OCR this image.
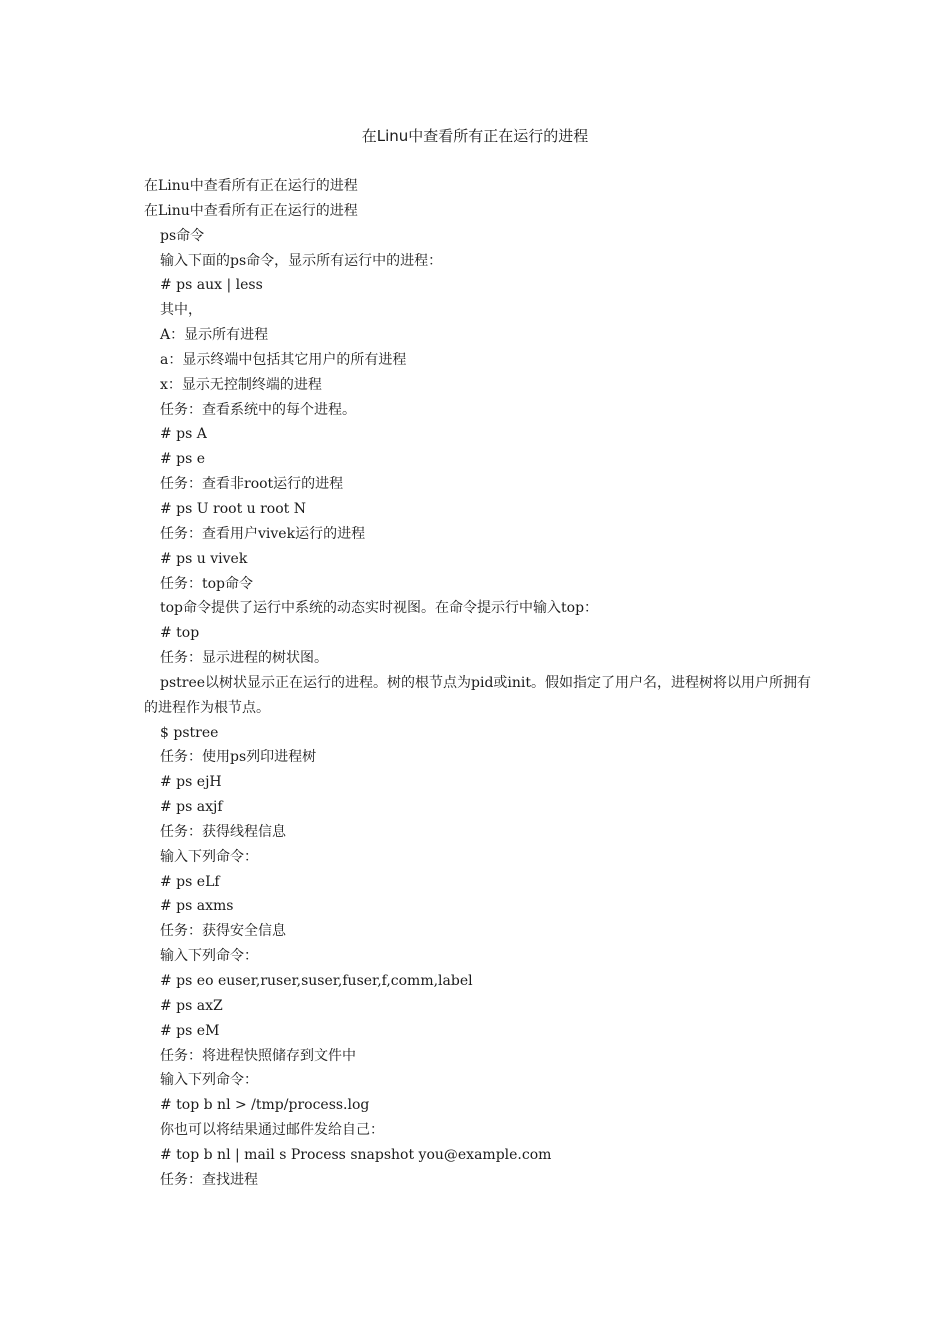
在Linu中查看所有正在运行的进程

在Linu中查看所有正在运行的进程

在Linu中查看所有正在运行的进程

ps命令

输入下面的ps命令，显示所有运行中的进程：

# ps aux | less

其中，

A：显示所有进程

a：显示终端中包括其它用户的所有进程

x：显示无控制终端的进程

任务：查看系统中的每个进程。

# ps A

# ps e

任务：查看非root运行的进程

# ps U root u root N

任务：查看用户vivek运行的进程

# ps u vivek

任务：top命令

top命令提供了运行中系统的动态实时视图。在命令提示行中输入top：

# top

任务：显示进程的树状图。

pstree以树状显示正在运行的进程。树的根节点为pid或init。假如指定了用户名，进程树将以用户所拥有的进程作为根节点。

$ pstree

任务：使用ps列印进程树

# ps ejH

# ps axjf

任务：获得线程信息

输入下列命令：

# ps eLf

# ps axms

任务：获得安全信息

输入下列命令：

# ps eo euser,ruser,suser,fuser,f,comm,label

# ps axZ

# ps eM

任务：将进程快照储存到文件中

输入下列命令：

# top b nl > /tmp/process.log

你也可以将结果通过邮件发给自己：

# top b nl | mail s Process snapshot you@example.com

任务：查找进程
